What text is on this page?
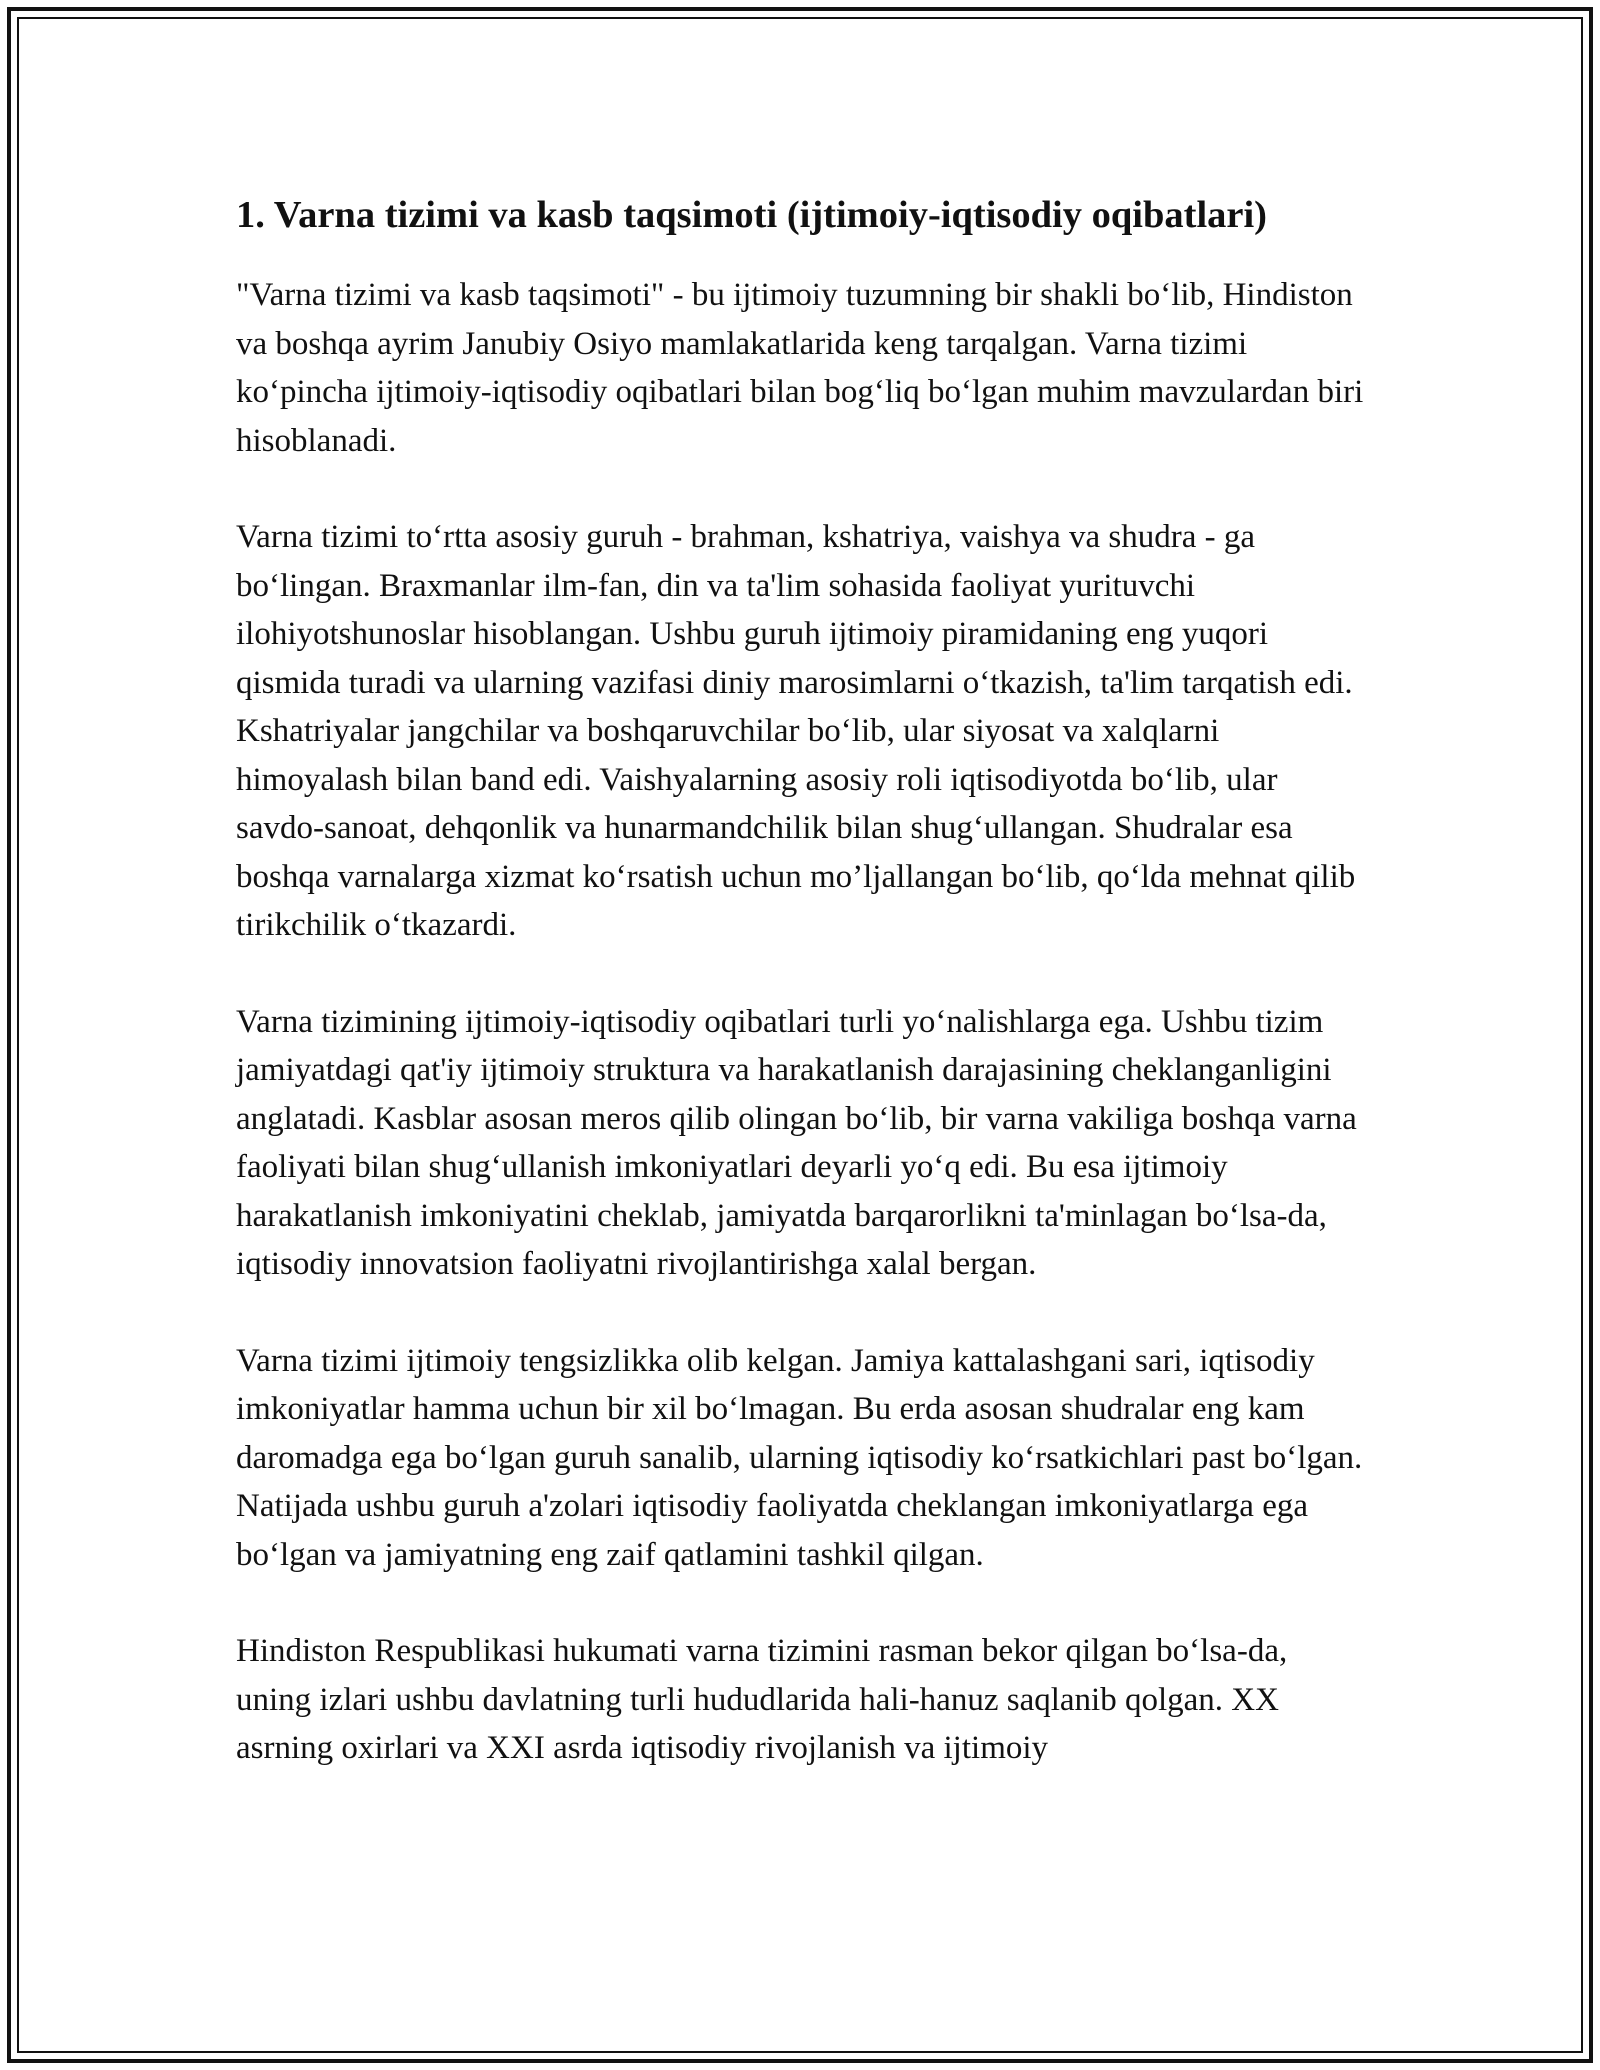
1. Varna tizimi va kasb taqsimoti (ijtimoiy-iqtisodiy oqibatlari)

"Varna tizimi va kasb taqsimoti" - bu ijtimoiy tuzumning bir shakli bo‘lib, Hindiston va boshqa ayrim Janubiy Osiyo mamlakatlarida keng tarqalgan. Varna tizimi ko‘pincha ijtimoiy-iqtisodiy oqibatlari bilan bog‘liq bo‘lgan muhim mavzulardan biri hisoblanadi.

Varna tizimi to‘rtta asosiy guruh - brahman, kshatriya, vaishya va shudra - ga bo‘lingan. Braxmanlar ilm-fan, din va ta'lim sohasida faoliyat yurituvchi ilohiyotshunoslar hisoblangan. Ushbu guruh ijtimoiy piramidaning eng yuqori qismida turadi va ularning vazifasi diniy marosimlarni o‘tkazish, ta'lim tarqatish edi. Kshatriyalar jangchilar va boshqaruvchilar bo‘lib, ular siyosat va xalqlarni himoyalash bilan band edi. Vaishyalarning asosiy roli iqtisodiyotda bo‘lib, ular savdo-sanoat, dehqonlik va hunarmandchilik bilan shug‘ullangan. Shudralar esa boshqa varnalarga xizmat ko‘rsatish uchun mo’ljallangan bo‘lib, qo‘lda mehnat qilib tirikchilik o‘tkazardi.

Varna tizimining ijtimoiy-iqtisodiy oqibatlari turli yo‘nalishlarga ega. Ushbu tizim jamiyatdagi qat'iy ijtimoiy struktura va harakatlanish darajasining cheklanganligini anglatadi. Kasblar asosan meros qilib olingan bo‘lib, bir varna vakiliga boshqa varna faoliyati bilan shug‘ullanish imkoniyatlari deyarli yo‘q edi. Bu esa ijtimoiy harakatlanish imkoniyatini cheklab, jamiyatda barqarorlikni ta'minlagan bo‘lsa-da, iqtisodiy innovatsion faoliyatni rivojlantirishga xalal bergan.

Varna tizimi ijtimoiy tengsizlikka olib kelgan. Jamiya kattalashgani sari, iqtisodiy imkoniyatlar hamma uchun bir xil bo‘lmagan. Bu erda asosan shudralar eng kam daromadga ega bo‘lgan guruh sanalib, ularning iqtisodiy ko‘rsatkichlari past bo‘lgan. Natijada ushbu guruh a'zolari iqtisodiy faoliyatda cheklangan imkoniyatlarga ega bo‘lgan va jamiyatning eng zaif qatlamini tashkil qilgan.

Hindiston Respublikasi hukumati varna tizimini rasman bekor qilgan bo‘lsa-da, uning izlari ushbu davlatning turli hududlarida hali-hanuz saqlanib qolgan. XX asrning oxirlari va XXI asrda iqtisodiy rivojlanish va ijtimoiy
